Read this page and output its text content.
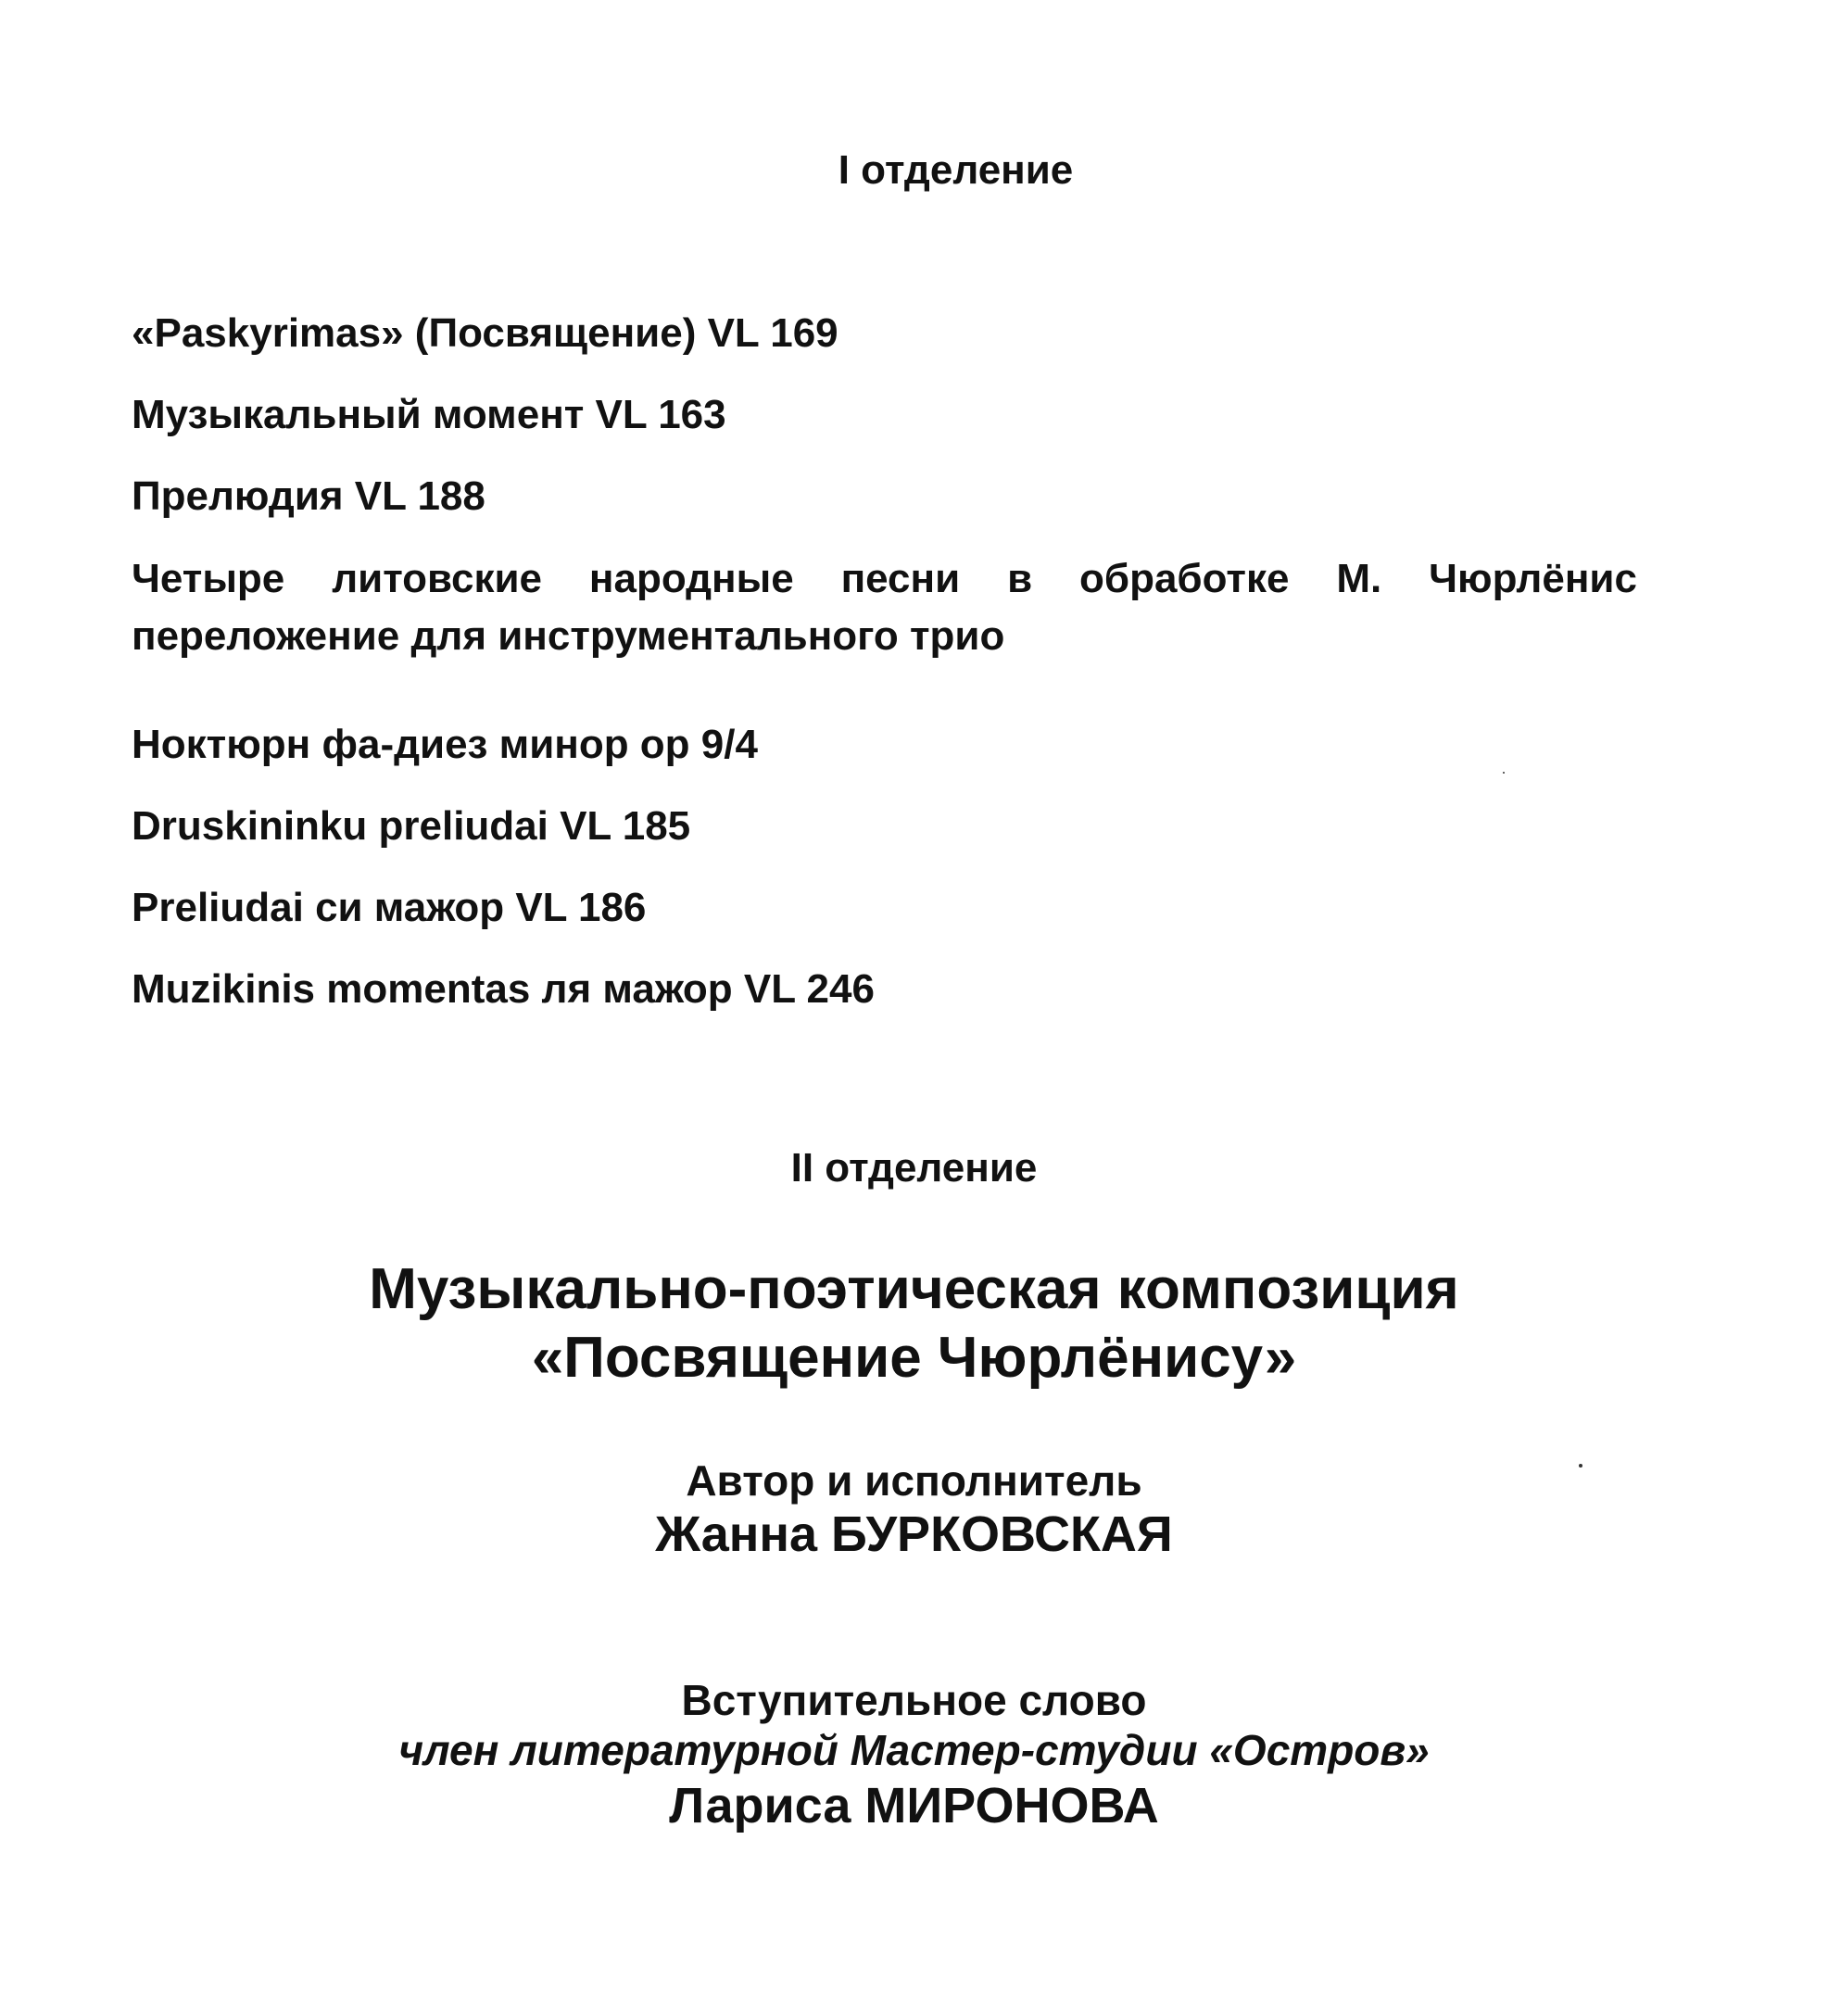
I отделение
«Paskyrimas» (Посвящение) VL 169
Музыкальный момент VL 163
Прелюдия VL 188
Четыре литовские народные песни в обработке М. Чюрлёнис
переложение для инструментального трио
Ноктюрн фа-диез минор ор 9/4
Druskininku preliudai VL 185
Preliudai си мажор VL 186
Muzikinis momentas ля мажор VL 246
II отделение
Музыкально-поэтическая композиция
«Посвящение Чюрлёнису»
Автор и исполнитель
Жанна БУРКОВСКАЯ
Вступительное слово
член литературной Мастер-студии «Остров»
Лариса МИРОНОВА
